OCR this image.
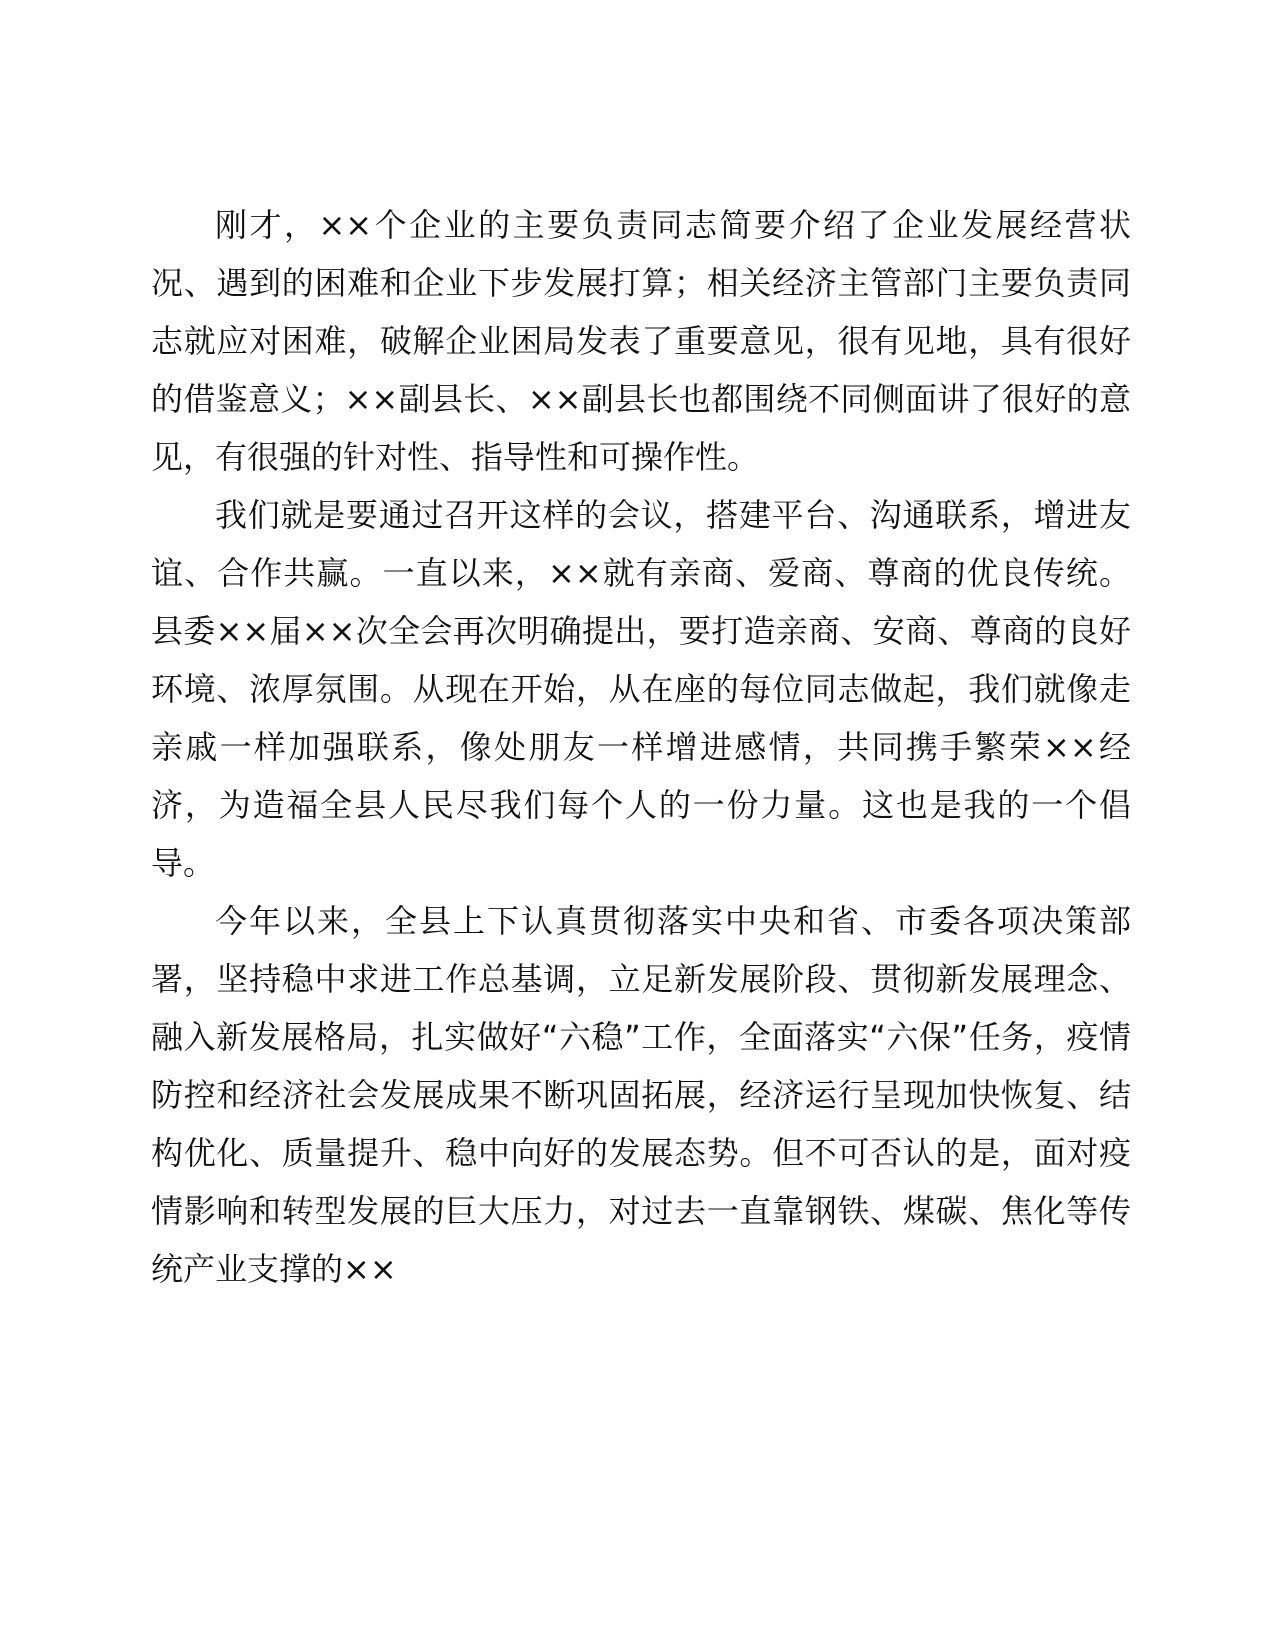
刚才，××个企业的主要负责同志简要介绍了企业发展经营状况、遇到的困难和企业下步发展打算；相关经济主管部门主要负责同志就应对困难，破解企业困局发表了重要意见，很有见地，具有很好的借鉴意义；××副县长、××副县长也都围绕不同侧面讲了很好的意见，有很强的针对性、指导性和可操作性。

我们就是要通过召开这样的会议，搭建平台、沟通联系，增进友谊、合作共赢。一直以来，××就有亲商、爱商、尊商的优良传统。县委××届××次全会再次明确提出，要打造亲商、安商、尊商的良好环境、浓厚氛围。从现在开始，从在座的每位同志做起，我们就像走亲戚一样加强联系，像处朋友一样增进感情，共同携手繁荣××经济，为造福全县人民尽我们每个人的一份力量。这也是我的一个倡导。

今年以来，全县上下认真贯彻落实中央和省、市委各项决策部署，坚持稳中求进工作总基调，立足新发展阶段、贯彻新发展理念、融入新发展格局，扎实做好“六稳”工作，全面落实“六保”任务，疫情防控和经济社会发展成果不断巩固拓展，经济运行呈现加快恢复、结构优化、质量提升、稳中向好的发展态势。但不可否认的是，面对疫情影响和转型发展的巨大压力，对过去一直靠钢铁、煤碳、焦化等传统产业支撑的××
